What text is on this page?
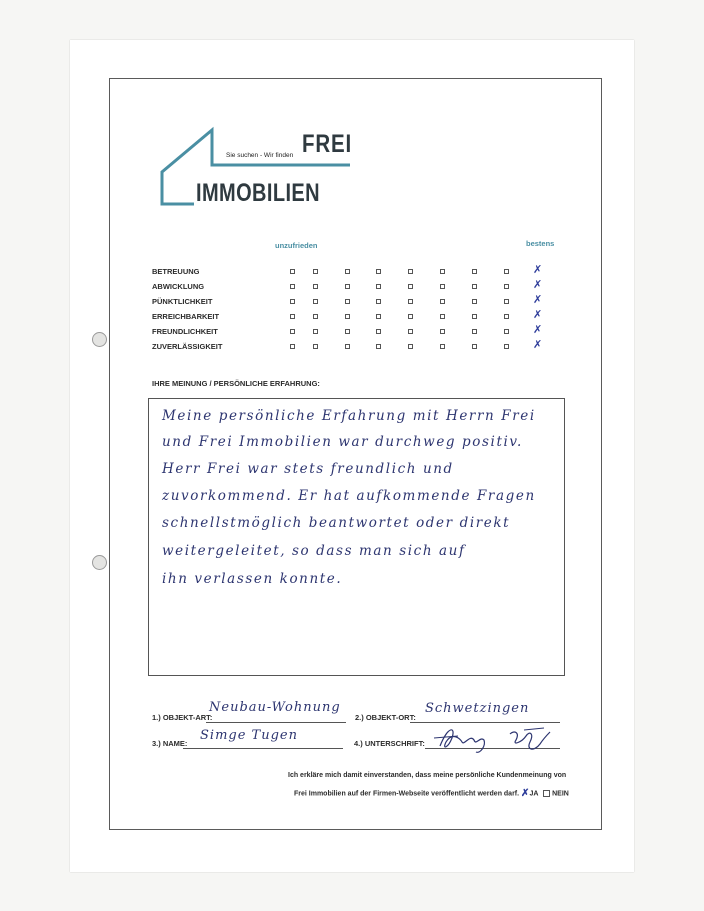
Sie suchen - Wir finden FREI
IMMOBILIEN
unzufrieden	bestens
BETREUUNG	✗
ABWICKLUNG	✗
PÜNKTLICHKEIT	✗
ERREICHBARKEIT	✗
FREUNDLICHKEIT	✗
ZUVERLÄSSIGKEIT	✗
IHRE MEINUNG / PERSÖNLICHE ERFAHRUNG:
Meine persönliche Erfahrung mit Herrn Frei
und Frei Immobilien war durchweg positiv.
Herr Frei war stets freundlich und
zuvorkommend. Er hat aufkommende Fragen
schnellstmöglich beantwortet oder direkt
weitergeleitet, so dass man sich auf
ihn verlassen konnte.
1.) OBJEKT-ART:
Neubau-Wohnung
2.) OBJEKT-ORT:
Schwetzingen
3.) NAME:
Simge Tugen
4.) UNTERSCHRIFT:
Ich erkläre mich damit einverstanden, dass meine persönliche Kundenmeinung von
Frei Immobilien auf der Firmen-Webseite veröffentlicht werden darf. ✗JA NEIN
